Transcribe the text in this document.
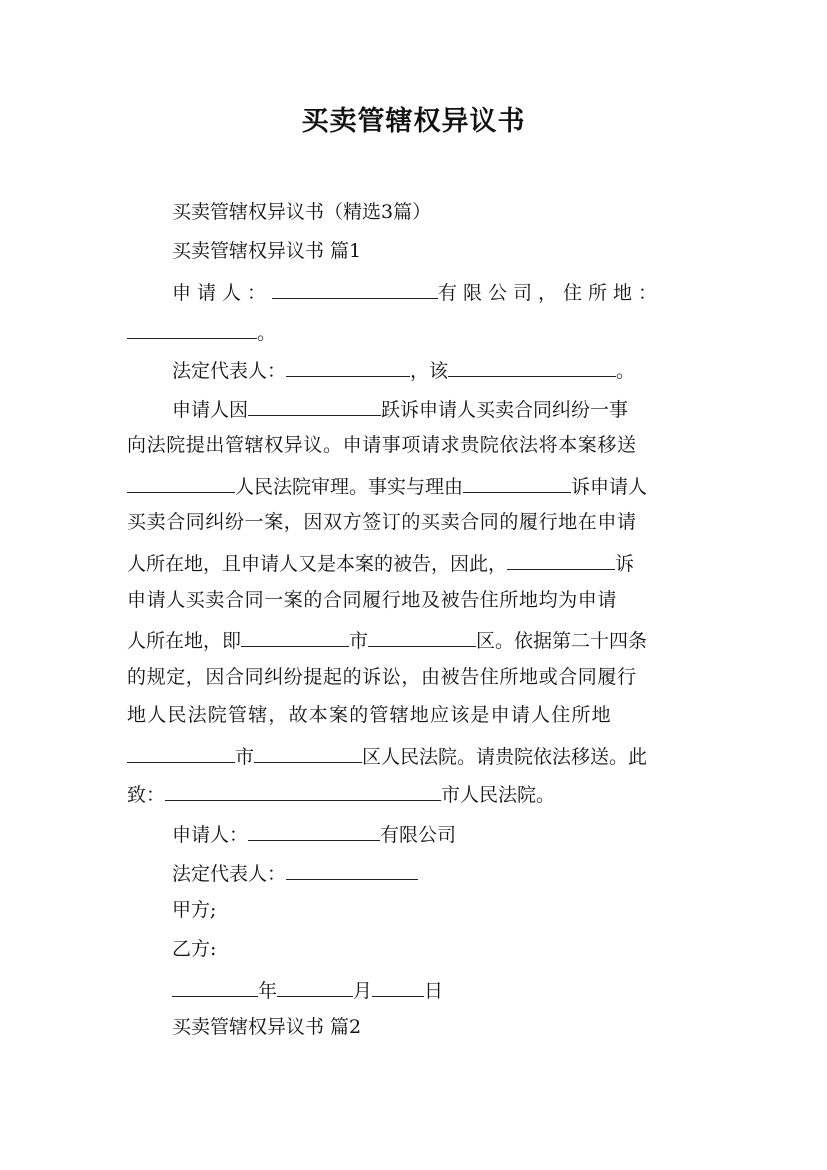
买卖管辖权异议书
买卖管辖权异议书（精选3篇）
买卖管辖权异议书 篇1
申请人：	有限公司，住所地：
。
法定代表人：	，该	。
申请人因	跃诉申请人买卖合同纠纷一事
向法院提出管辖权异议。申请事项请求贵院依法将本案移送
人民法院审理。事实与理由	诉申请人
买卖合同纠纷一案，因双方签订的买卖合同的履行地在申请
人所在地，且申请人又是本案的被告，因此，	诉
申请人买卖合同一案的合同履行地及被告住所地均为申请
人所在地，即	市	区。依据第二十四条
的规定，因合同纠纷提起的诉讼，由被告住所地或合同履行
地人民法院管辖，故本案的管辖地应该是申请人住所地
市	区人民法院。请贵院依法移送。此
致：	市人民法院。
申请人：	有限公司
法定代表人：
甲方;
乙方:
年	月	日
买卖管辖权异议书 篇2
